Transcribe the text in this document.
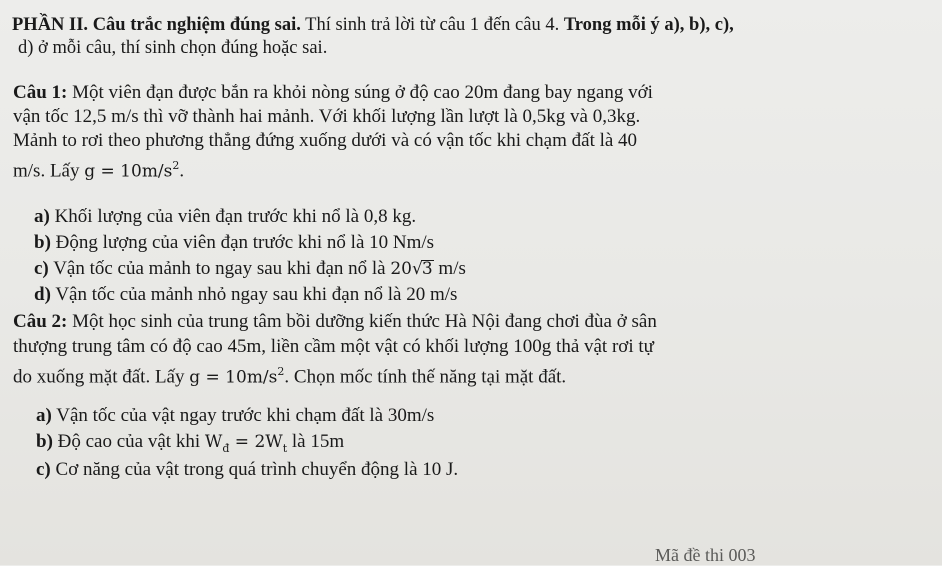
PHẦN II. Câu trắc nghiệm đúng sai. Thí sinh trả lời từ câu 1 đến câu 4. Trong mỗi ý a), b), c),
d) ở mỗi câu, thí sinh chọn đúng hoặc sai.
Câu 1: Một viên đạn được bắn ra khỏi nòng súng ở độ cao 20m đang bay ngang với
vận tốc 12,5 m/s thì vỡ thành hai mảnh. Với khối lượng lần lượt là 0,5kg và 0,3kg.
Mảnh to rơi theo phương thẳng đứng xuống dưới và có vận tốc khi chạm đất là 40
m/s. Lấy $g = 10m/s^2$.
a) Khối lượng của viên đạn trước khi nổ là 0,8 kg.
b) Động lượng của viên đạn trước khi nổ là 10 Nm/s
c) Vận tốc của mảnh to ngay sau khi đạn nổ là 20√3 m/s
d) Vận tốc của mảnh nhỏ ngay sau khi đạn nổ là 20 m/s
Câu 2: Một học sinh của trung tâm bồi dưỡng kiến thức Hà Nội đang chơi đùa ở sân
thượng trung tâm có độ cao 45m, liền cầm một vật có khối lượng 100g thả vật rơi tự
do xuống mặt đất. Lấy $g = 10m/s^2$. Chọn mốc tính thế năng tại mặt đất.
a) Vận tốc của vật ngay trước khi chạm đất là 30m/s
b) Độ cao của vật khi $W_đ = 2W_t$ là 15m
c) Cơ năng của vật trong quá trình chuyển động là 10 J.
Mã đề thi 003
